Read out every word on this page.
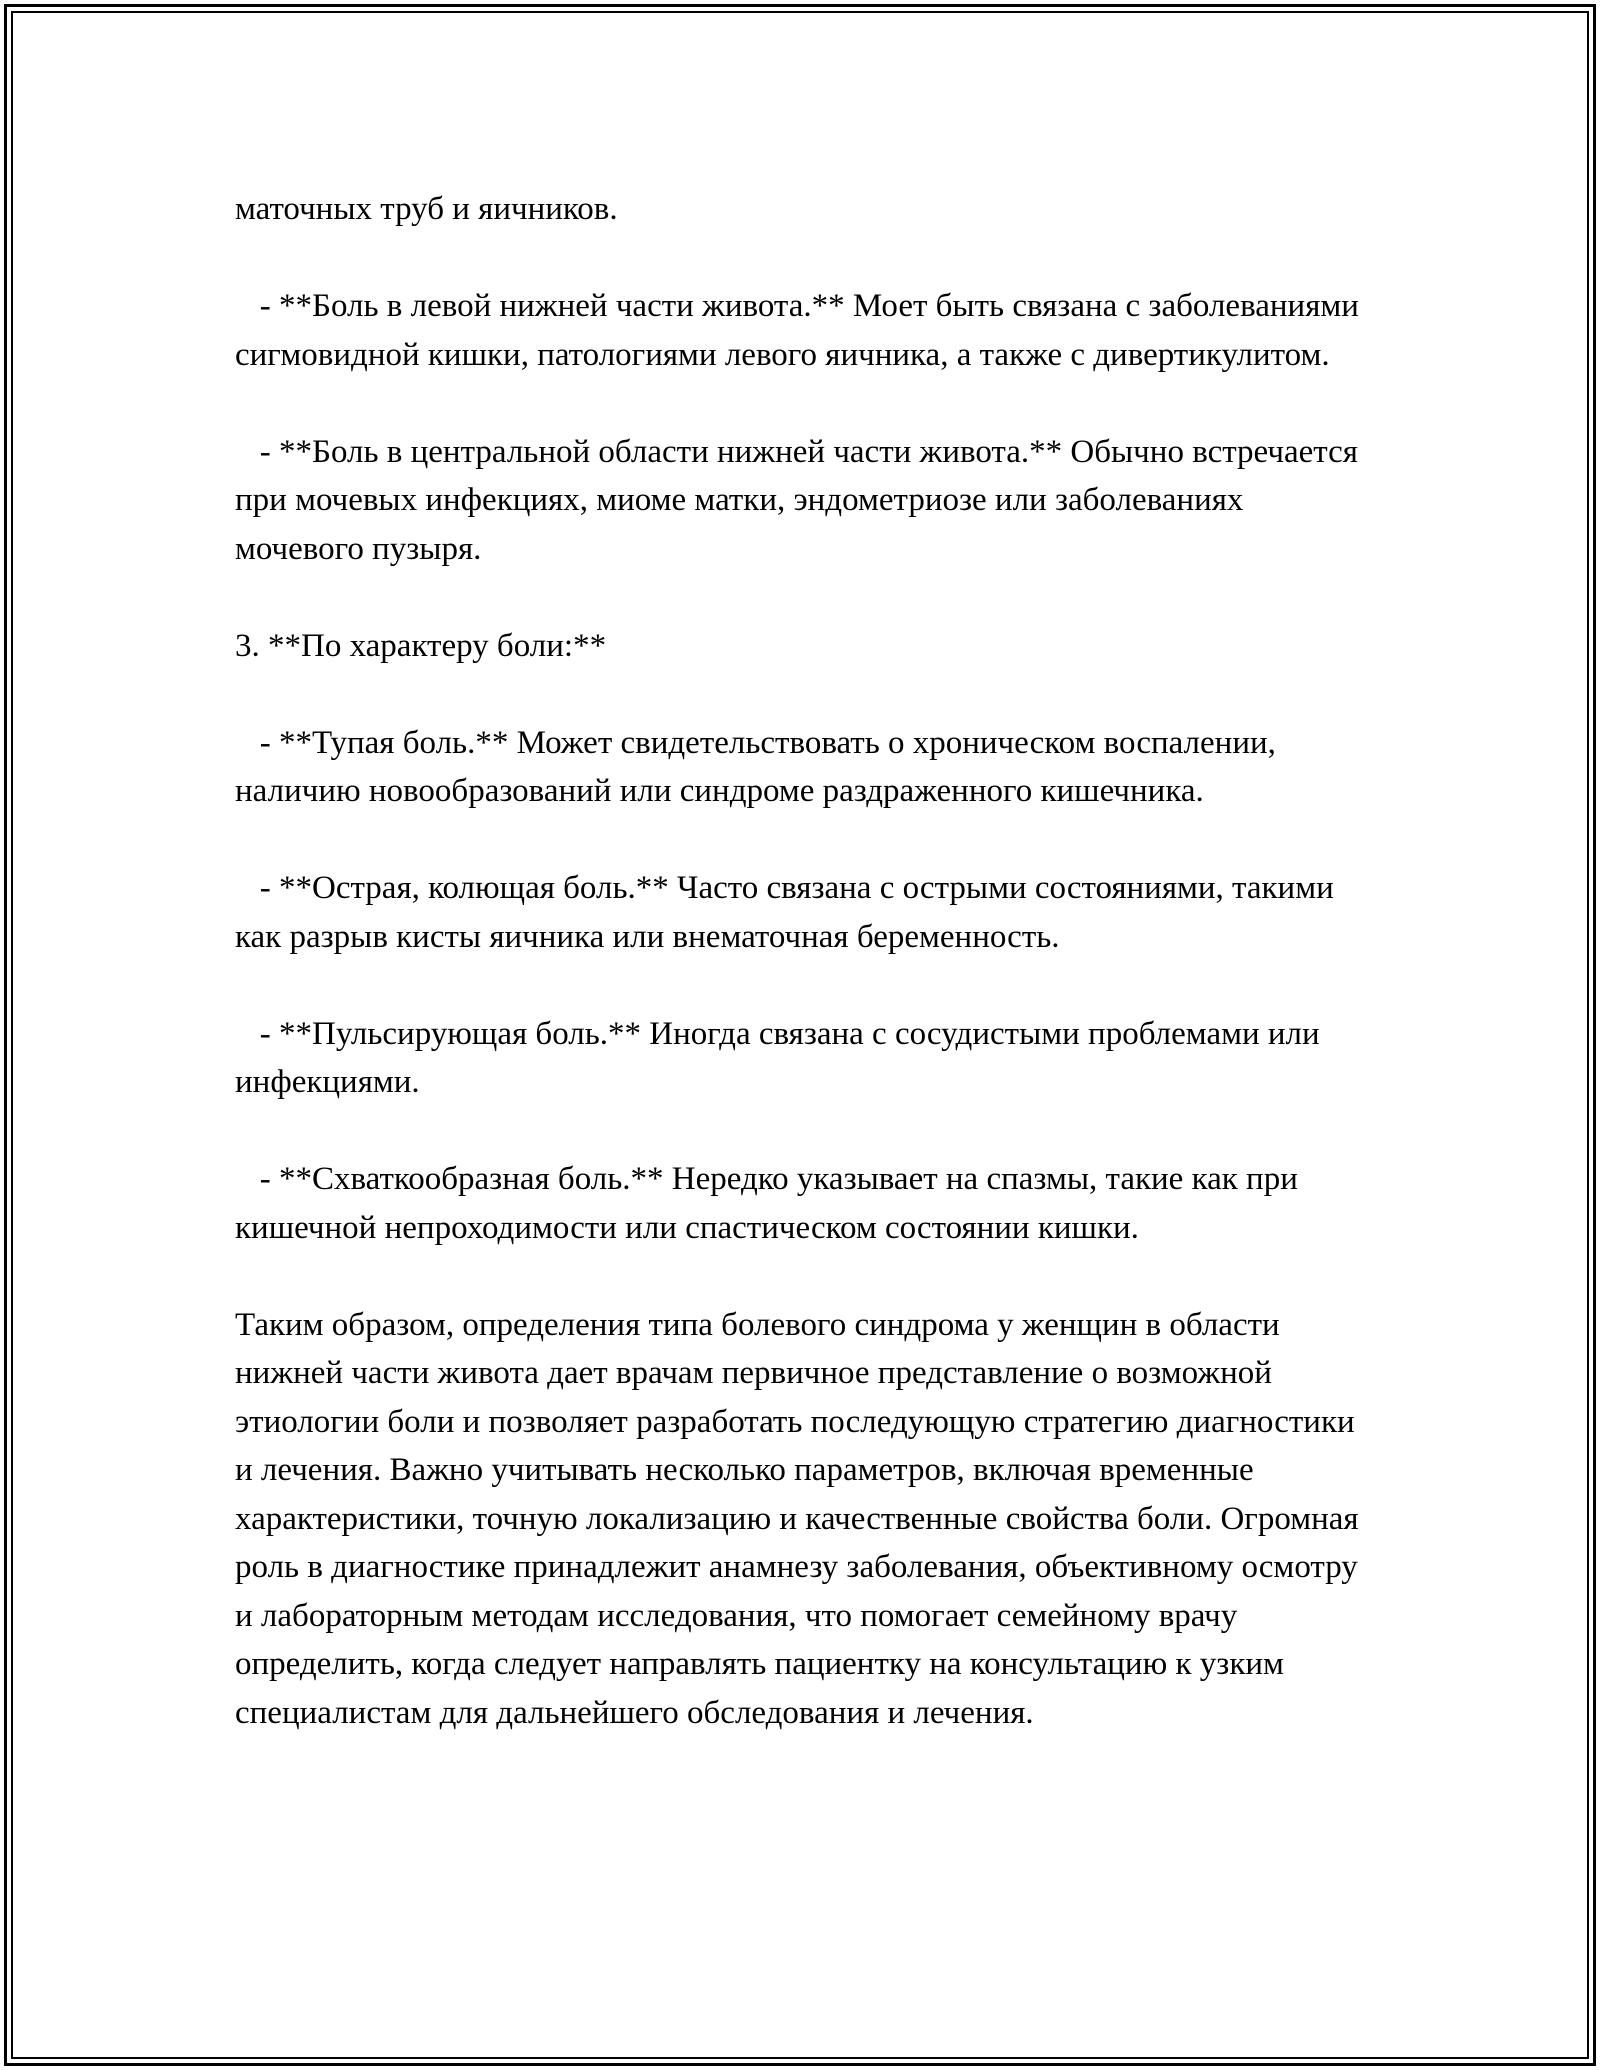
маточных труб и яичников.

- **Боль в левой нижней части живота.** Моет быть связана с заболеваниями сигмовидной кишки, патологиями левого яичника, а также с дивертикулитом.

- **Боль в центральной области нижней части живота.** Обычно встречается при мочевых инфекциях, миоме матки, эндометриозе или заболеваниях мочевого пузыря.

3. **По характеру боли:**

- **Тупая боль.** Может свидетельствовать о хроническом воспалении, наличию новообразований или синдроме раздраженного кишечника.

- **Острая, колющая боль.** Часто связана с острыми состояниями, такими как разрыв кисты яичника или внематочная беременность.

- **Пульсирующая боль.** Иногда связана с сосудистыми проблемами или инфекциями.

- **Схваткообразная боль.** Нередко указывает на спазмы, такие как при кишечной непроходимости или спастическом состоянии кишки.

Таким образом, определения типа болевого синдрома у женщин в области нижней части живота дает врачам первичное представление о возможной этиологии боли и позволяет разработать последующую стратегию диагностики и лечения. Важно учитывать несколько параметров, включая временные характеристики, точную локализацию и качественные свойства боли. Огромная роль в диагностике принадлежит анамнезу заболевания, объективному осмотру и лабораторным методам исследования, что помогает семейному врачу определить, когда следует направлять пациентку на консультацию к узким специалистам для дальнейшего обследования и лечения.
